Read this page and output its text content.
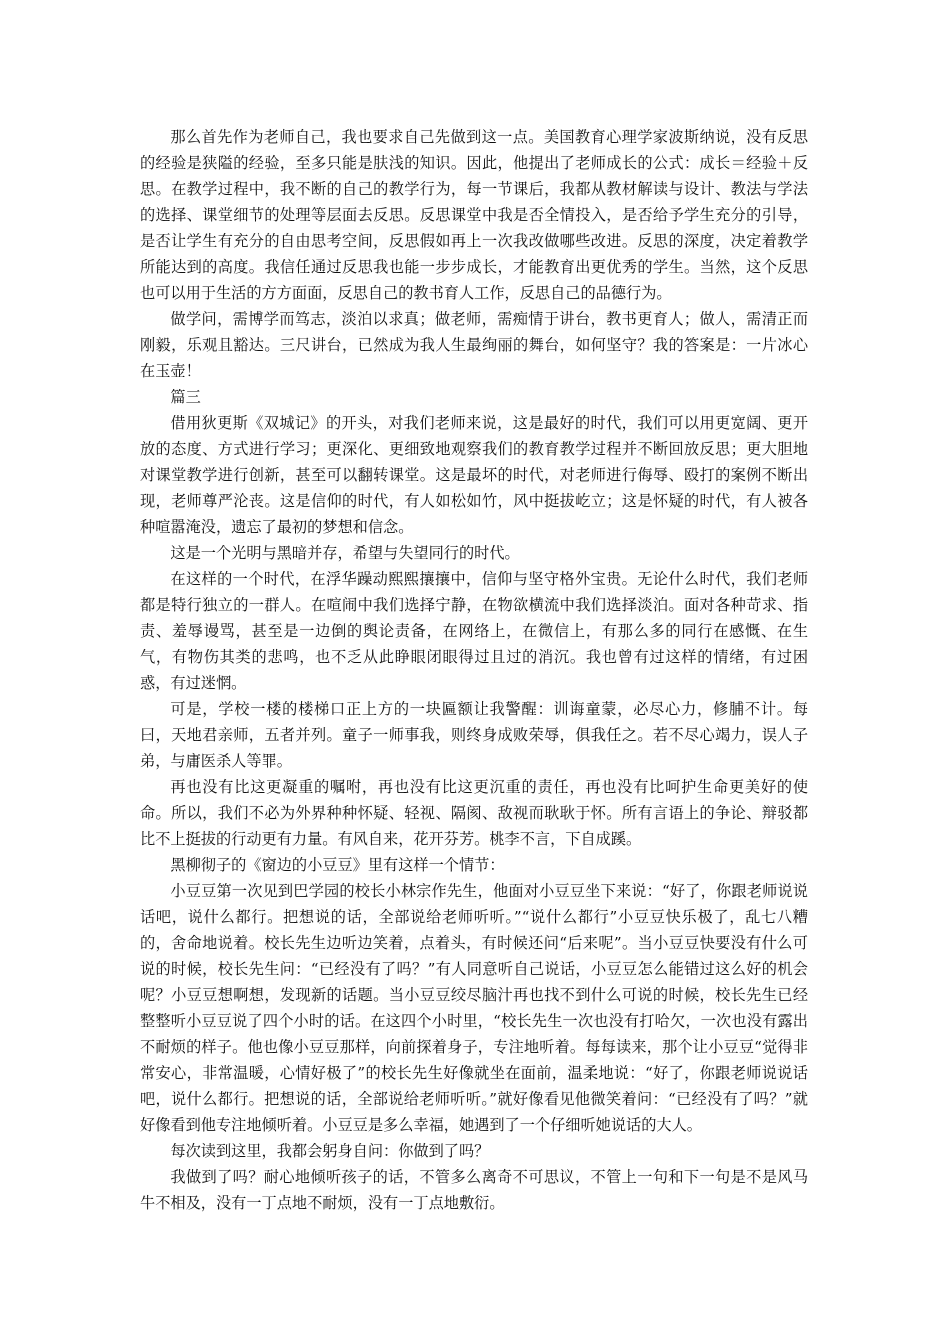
那么首先作为老师自己，我也要求自己先做到这一点。美国教育心理学家波斯纳说，没有反思的经验是狭隘的经验，至多只能是肤浅的知识。因此，他提出了老师成长的公式：成长＝经验＋反思。在教学过程中，我不断的自己的教学行为，每一节课后，我都从教材解读与设计、教法与学法的选择、课堂细节的处理等层面去反思。反思课堂中我是否全情投入，是否给予学生充分的引导，是否让学生有充分的自由思考空间，反思假如再上一次我改做哪些改进。反思的深度，决定着教学所能达到的高度。我信任通过反思我也能一步步成长，才能教育出更优秀的学生。当然，这个反思也可以用于生活的方方面面，反思自己的教书育人工作，反思自己的品德行为。

做学问，需博学而笃志，淡泊以求真；做老师，需痴情于讲台，教书更育人；做人，需清正而刚毅，乐观且豁达。三尺讲台，已然成为我人生最绚丽的舞台，如何坚守？我的答案是：一片冰心在玉壶！

篇三

借用狄更斯《双城记》的开头，对我们老师来说，这是最好的时代，我们可以用更宽阔、更开放的态度、方式进行学习；更深化、更细致地观察我们的教育教学过程并不断回放反思；更大胆地对课堂教学进行创新，甚至可以翻转课堂。这是最坏的时代，对老师进行侮辱、殴打的案例不断出现，老师尊严沦丧。这是信仰的时代，有人如松如竹，风中挺拔屹立；这是怀疑的时代，有人被各种喧嚣淹没，遗忘了最初的梦想和信念。

这是一个光明与黑暗并存，希望与失望同行的时代。

在这样的一个时代，在浮华躁动熙熙攘攘中，信仰与坚守格外宝贵。无论什么时代，我们老师都是特行独立的一群人。在喧闹中我们选择宁静，在物欲横流中我们选择淡泊。面对各种苛求、指责、羞辱谩骂，甚至是一边倒的舆论责备，在网络上，在微信上，有那么多的同行在感慨、在生气，有物伤其类的悲鸣，也不乏从此睁眼闭眼得过且过的消沉。我也曾有过这样的情绪，有过困惑，有过迷惘。

可是，学校一楼的楼梯口正上方的一块匾额让我警醒：训诲童蒙，必尽心力，修脯不计。每曰，天地君亲师，五者并列。童子一师事我，则终身成败荣辱，俱我任之。若不尽心竭力，误人子弟，与庸医杀人等罪。

再也没有比这更凝重的嘱咐，再也没有比这更沉重的责任，再也没有比呵护生命更美好的使命。所以，我们不必为外界种种怀疑、轻视、隔阂、敌视而耿耿于怀。所有言语上的争论、辩驳都比不上挺拔的行动更有力量。有风自来，花开芬芳。桃李不言，下自成蹊。

黑柳彻子的《窗边的小豆豆》里有这样一个情节：

小豆豆第一次见到巴学园的校长小林宗作先生，他面对小豆豆坐下来说：“好了，你跟老师说说话吧，说什么都行。把想说的话，全部说给老师听听。”“说什么都行”小豆豆快乐极了，乱七八糟的，舍命地说着。校长先生边听边笑着，点着头，有时候还问“后来呢”。当小豆豆快要没有什么可说的时候，校长先生问：“已经没有了吗？”有人同意听自己说话，小豆豆怎么能错过这么好的机会呢？小豆豆想啊想，发现新的话题。当小豆豆绞尽脑汁再也找不到什么可说的时候，校长先生已经整整听小豆豆说了四个小时的话。在这四个小时里，“校长先生一次也没有打哈欠，一次也没有露出不耐烦的样子。他也像小豆豆那样，向前探着身子，专注地听着。每每读来，那个让小豆豆“觉得非常安心，非常温暖，心情好极了”的校长先生好像就坐在面前，温柔地说：“好了，你跟老师说说话吧，说什么都行。把想说的话，全部说给老师听听。”就好像看见他微笑着问：“已经没有了吗？”就好像看到他专注地倾听着。小豆豆是多么幸福，她遇到了一个仔细听她说话的大人。

每次读到这里，我都会躬身自问：你做到了吗？

我做到了吗？耐心地倾听孩子的话，不管多么离奇不可思议，不管上一句和下一句是不是风马牛不相及，没有一丁点地不耐烦，没有一丁点地敷衍。
